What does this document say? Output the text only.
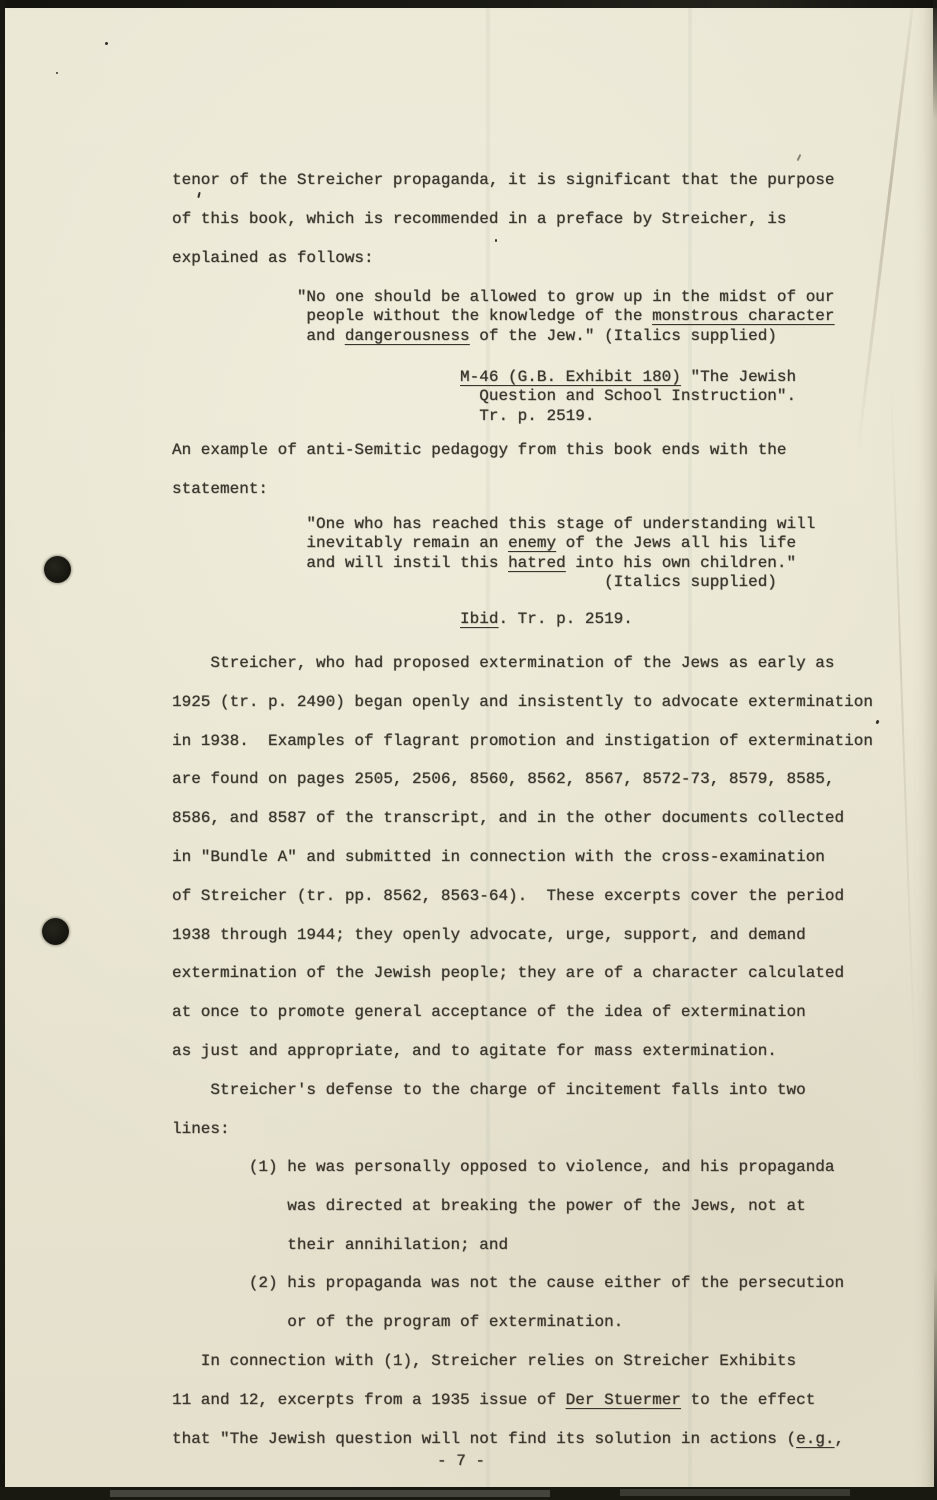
tenor of the Streicher propaganda, it is significant that the purpose
of this book, which is recommended in a preface by Streicher, is
explained as follows:
"No one should be allowed to grow up in the midst of our
people without the knowledge of the monstrous character
and dangerousness of the Jew." (Italics supplied)
M-46 (G.B. Exhibit 180) "The Jewish
Question and School Instruction".
Tr. p. 2519.
An example of anti-Semitic pedagogy from this book ends with the
statement:
"One who has reached this stage of understanding will
inevitably remain an enemy of the Jews all his life
and will instil this hatred into his own children."
(Italics supplied)
Ibid. Tr. p. 2519.
Streicher, who had proposed extermination of the Jews as early as
1925 (tr. p. 2490) began openly and insistently to advocate extermination
in 1938.  Examples of flagrant promotion and instigation of extermination
are found on pages 2505, 2506, 8560, 8562, 8567, 8572-73, 8579, 8585,
8586, and 8587 of the transcript, and in the other documents collected
in "Bundle A" and submitted in connection with the cross-examination
of Streicher (tr. pp. 8562, 8563-64).  These excerpts cover the period
1938 through 1944; they openly advocate, urge, support, and demand
extermination of the Jewish people; they are of a character calculated
at once to promote general acceptance of the idea of extermination
as just and appropriate, and to agitate for mass extermination.
Streicher's defense to the charge of incitement falls into two
lines:
(1) he was personally opposed to violence, and his propaganda
was directed at breaking the power of the Jews, not at
their annihilation; and
(2) his propaganda was not the cause either of the persecution
or of the program of extermination.
In connection with (1), Streicher relies on Streicher Exhibits
11 and 12, excerpts from a 1935 issue of Der Stuermer to the effect
that "The Jewish question will not find its solution in actions (e.g.,
- 7 -
